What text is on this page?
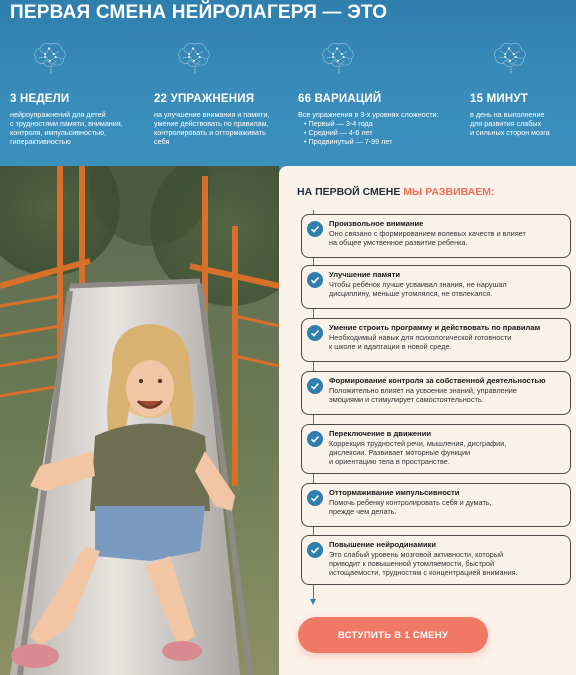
ПЕРВАЯ СМЕНА НЕЙРОЛАГЕРЯ — ЭТО
3 НЕДЕЛИ
нейроупражнений для детей
с трудностями памяти, внимания,
контроля, импульсивностью,
гиперактивностью
22 УПРАЖНЕНИЯ
на улучшение внимания и памяти,
умение действовать по правилам,
контролировать и оттормаживать
себя
66 ВАРИАЦИЙ
Все упражнения в 3-х уровнях сложности:
• Первый — 3-4 года
• Средний — 4-6 лет
• Продвинутый — 7-99 лет
15 МИНУТ
в день на выполнение
для развития слабых
и сильных сторон мозга
НА ПЕРВОЙ СМЕНЕ МЫ РАЗВИВАЕМ:
Произвольное внимание
Оно связано с формированием волевых качеств и влияет
на общее умственное развитие ребенка.
Улучшение памяти
Чтобы ребёнок лучше усваивал знания, не нарушал
дисциплину, меньше утомлялся, не отвлекался.
Умение строить программу и действовать по правилам
Необходимый навык для психологической готовности
к школе и адаптации в новой среде.
Формирование контроля за собственной деятельностью
Положительно влияет на усвоение знаний, управление
эмоциями и стимулирует самостоятельность.
Переключение в движении
Коррекция трудностей речи, мышления, дисграфии,
дислексии. Развивает моторные функции
и ориентацию тела в пространстве.
Оттормаживание импульсивности
Помочь ребенку контролировать себя и думать,
прежде чем делать.
Повышение нейродинамики
Это слабый уровень мозговой активности, который
приводит к повышенной утомляемости, быстрой
истощаемости, трудностям с концентрацией внимания.
ВСТУПИТЬ В 1 СМЕНУ
